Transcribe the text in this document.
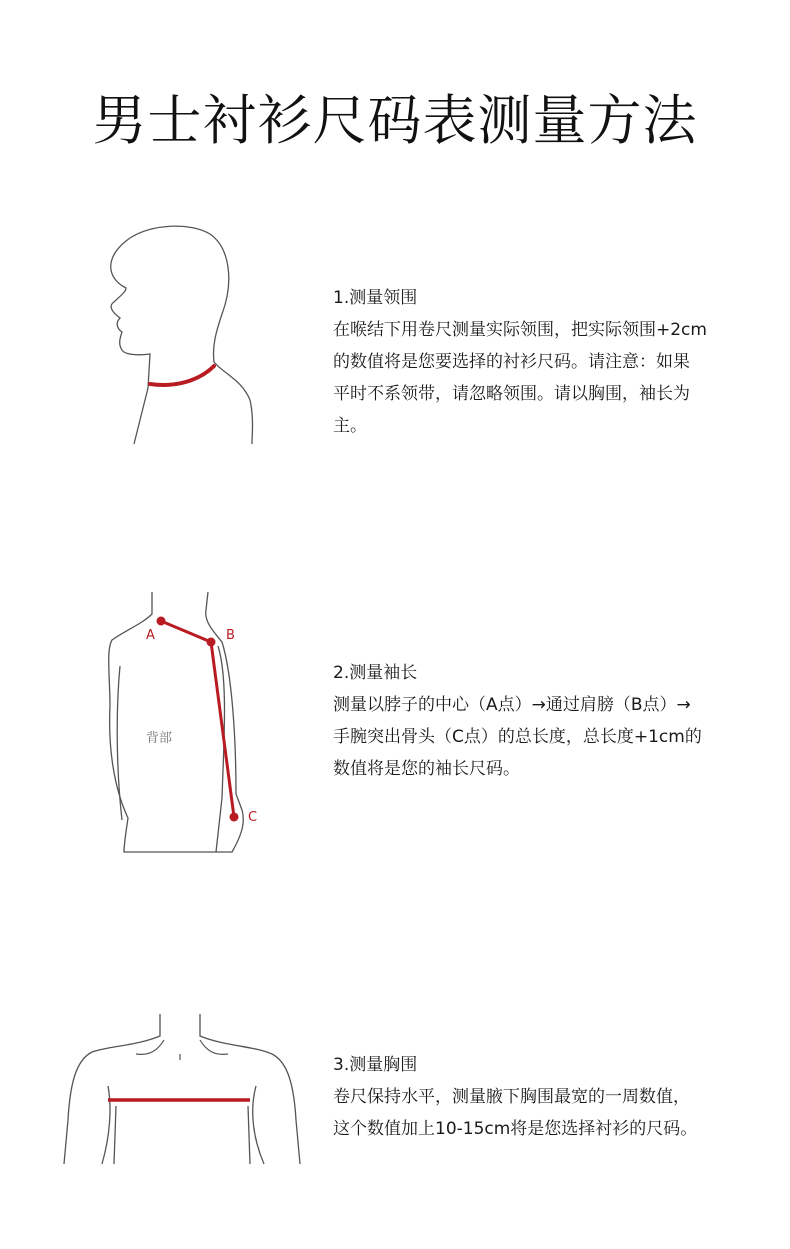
男士衬衫尺码表测量方法
1.测量领围
在喉结下用卷尺测量实际领围，把实际领围+2cm
的数值将是您要选择的衬衫尺码。请注意：如果
平时不系领带，请忽略领围。请以胸围，袖长为
主。
A	B
C
背部
2.测量袖长
测量以脖子的中心（A点）→通过肩膀（B点）→
手腕突出骨头（C点）的总长度，总长度+1cm的
数值将是您的袖长尺码。
3.测量胸围
卷尺保持水平，测量腋下胸围最宽的一周数值，
这个数值加上10-15cm将是您选择衬衫的尺码。
